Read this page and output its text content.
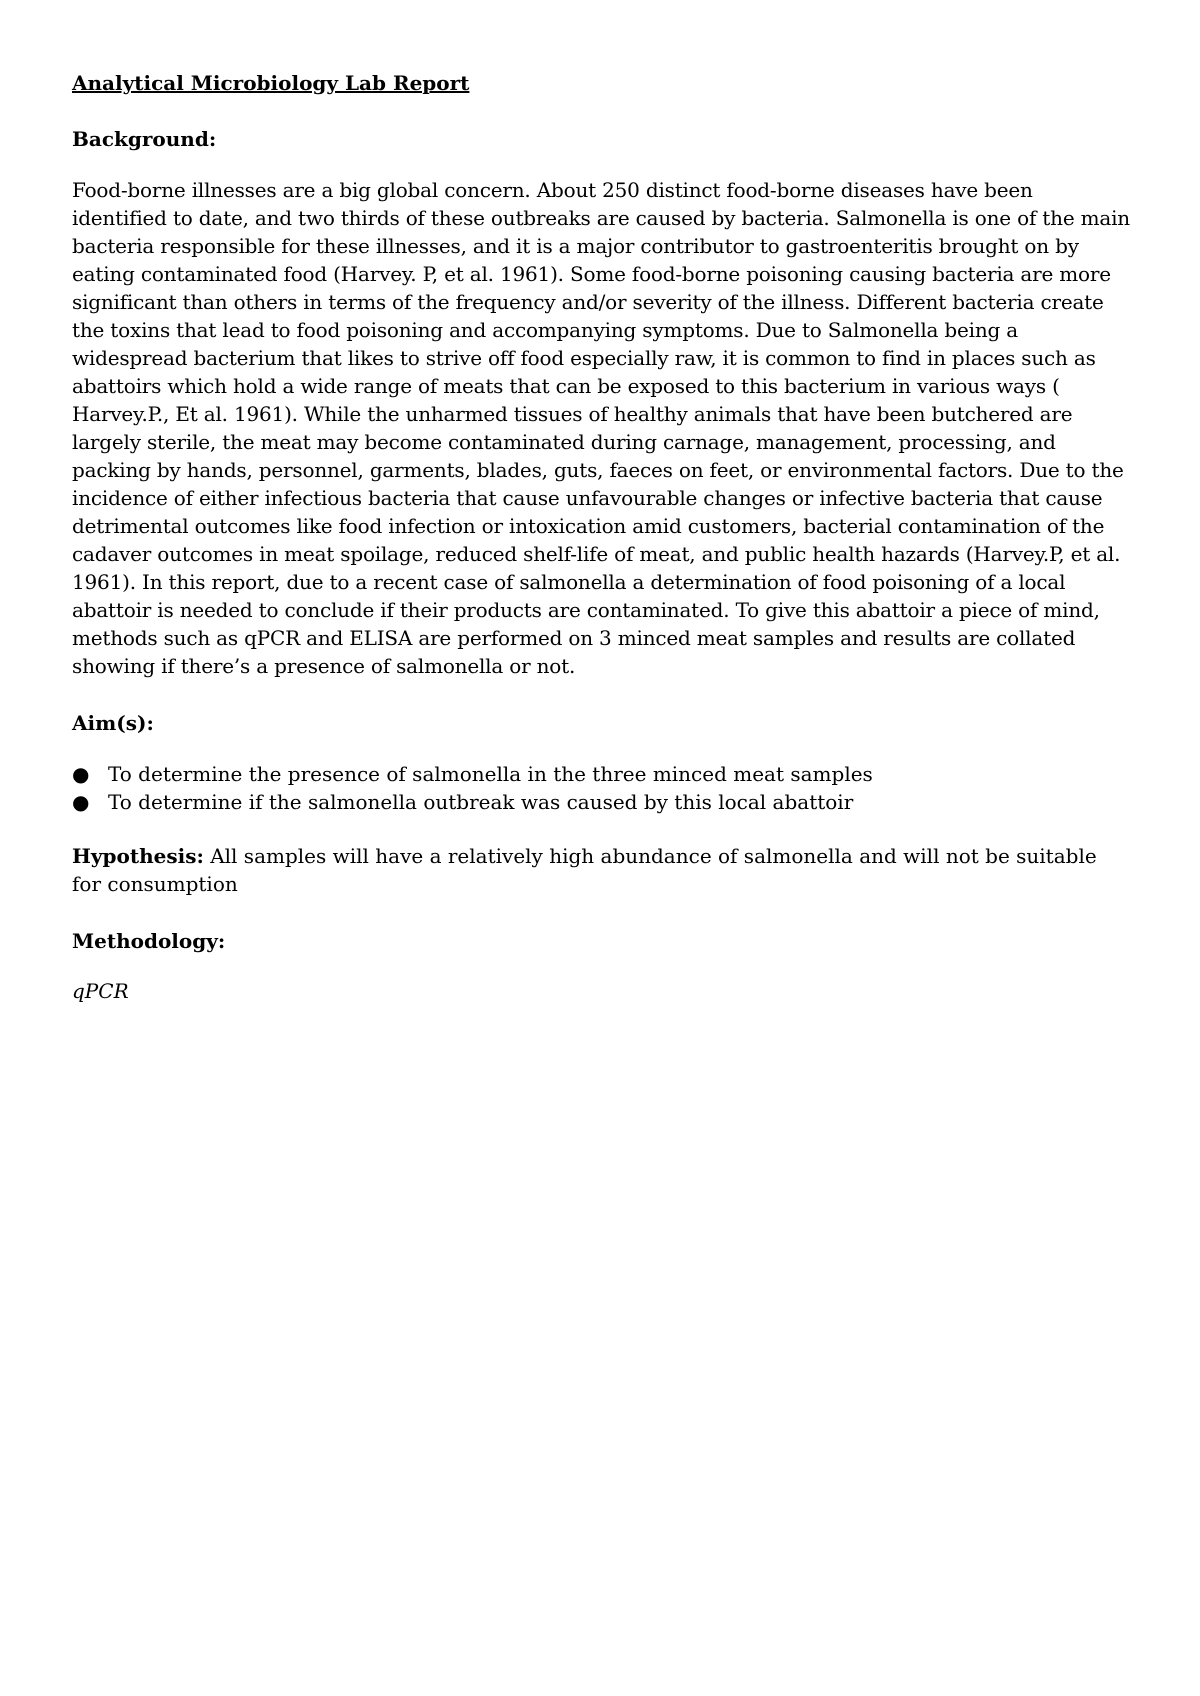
Analytical Microbiology Lab Report

Background:

Food-borne illnesses are a big global concern. About 250 distinct food-borne diseases have been identified to date, and two thirds of these outbreaks are caused by bacteria. Salmonella is one of the main bacteria responsible for these illnesses, and it is a major contributor to gastroenteritis brought on by eating contaminated food (Harvey. P, et al. 1961). Some food-borne poisoning causing bacteria are more significant than others in terms of the frequency and/or severity of the illness. Different bacteria create the toxins that lead to food poisoning and accompanying symptoms. Due to Salmonella being a widespread bacterium that likes to strive off food especially raw, it is common to find in places such as abattoirs which hold a wide range of meats that can be exposed to this bacterium in various ways ( Harvey.P., Et al. 1961). While the unharmed tissues of healthy animals that have been butchered are largely sterile, the meat may become contaminated during carnage, management, processing, and packing by hands, personnel, garments, blades, guts, faeces on feet, or environmental factors. Due to the incidence of either infectious bacteria that cause unfavourable changes or infective bacteria that cause detrimental outcomes like food infection or intoxication amid customers, bacterial contamination of the cadaver outcomes in meat spoilage, reduced shelf-life of meat, and public health hazards (Harvey.P, et al. 1961). In this report, due to a recent case of salmonella a determination of food poisoning of a local abattoir is needed to conclude if their products are contaminated. To give this abattoir a piece of mind, methods such as qPCR and ELISA are performed on 3 minced meat samples and results are collated showing if there’s a presence of salmonella or not.

Aim(s):

● To determine the presence of salmonella in the three minced meat samples
● To determine if the salmonella outbreak was caused by this local abattoir

Hypothesis: All samples will have a relatively high abundance of salmonella and will not be suitable for consumption

Methodology:

qPCR
